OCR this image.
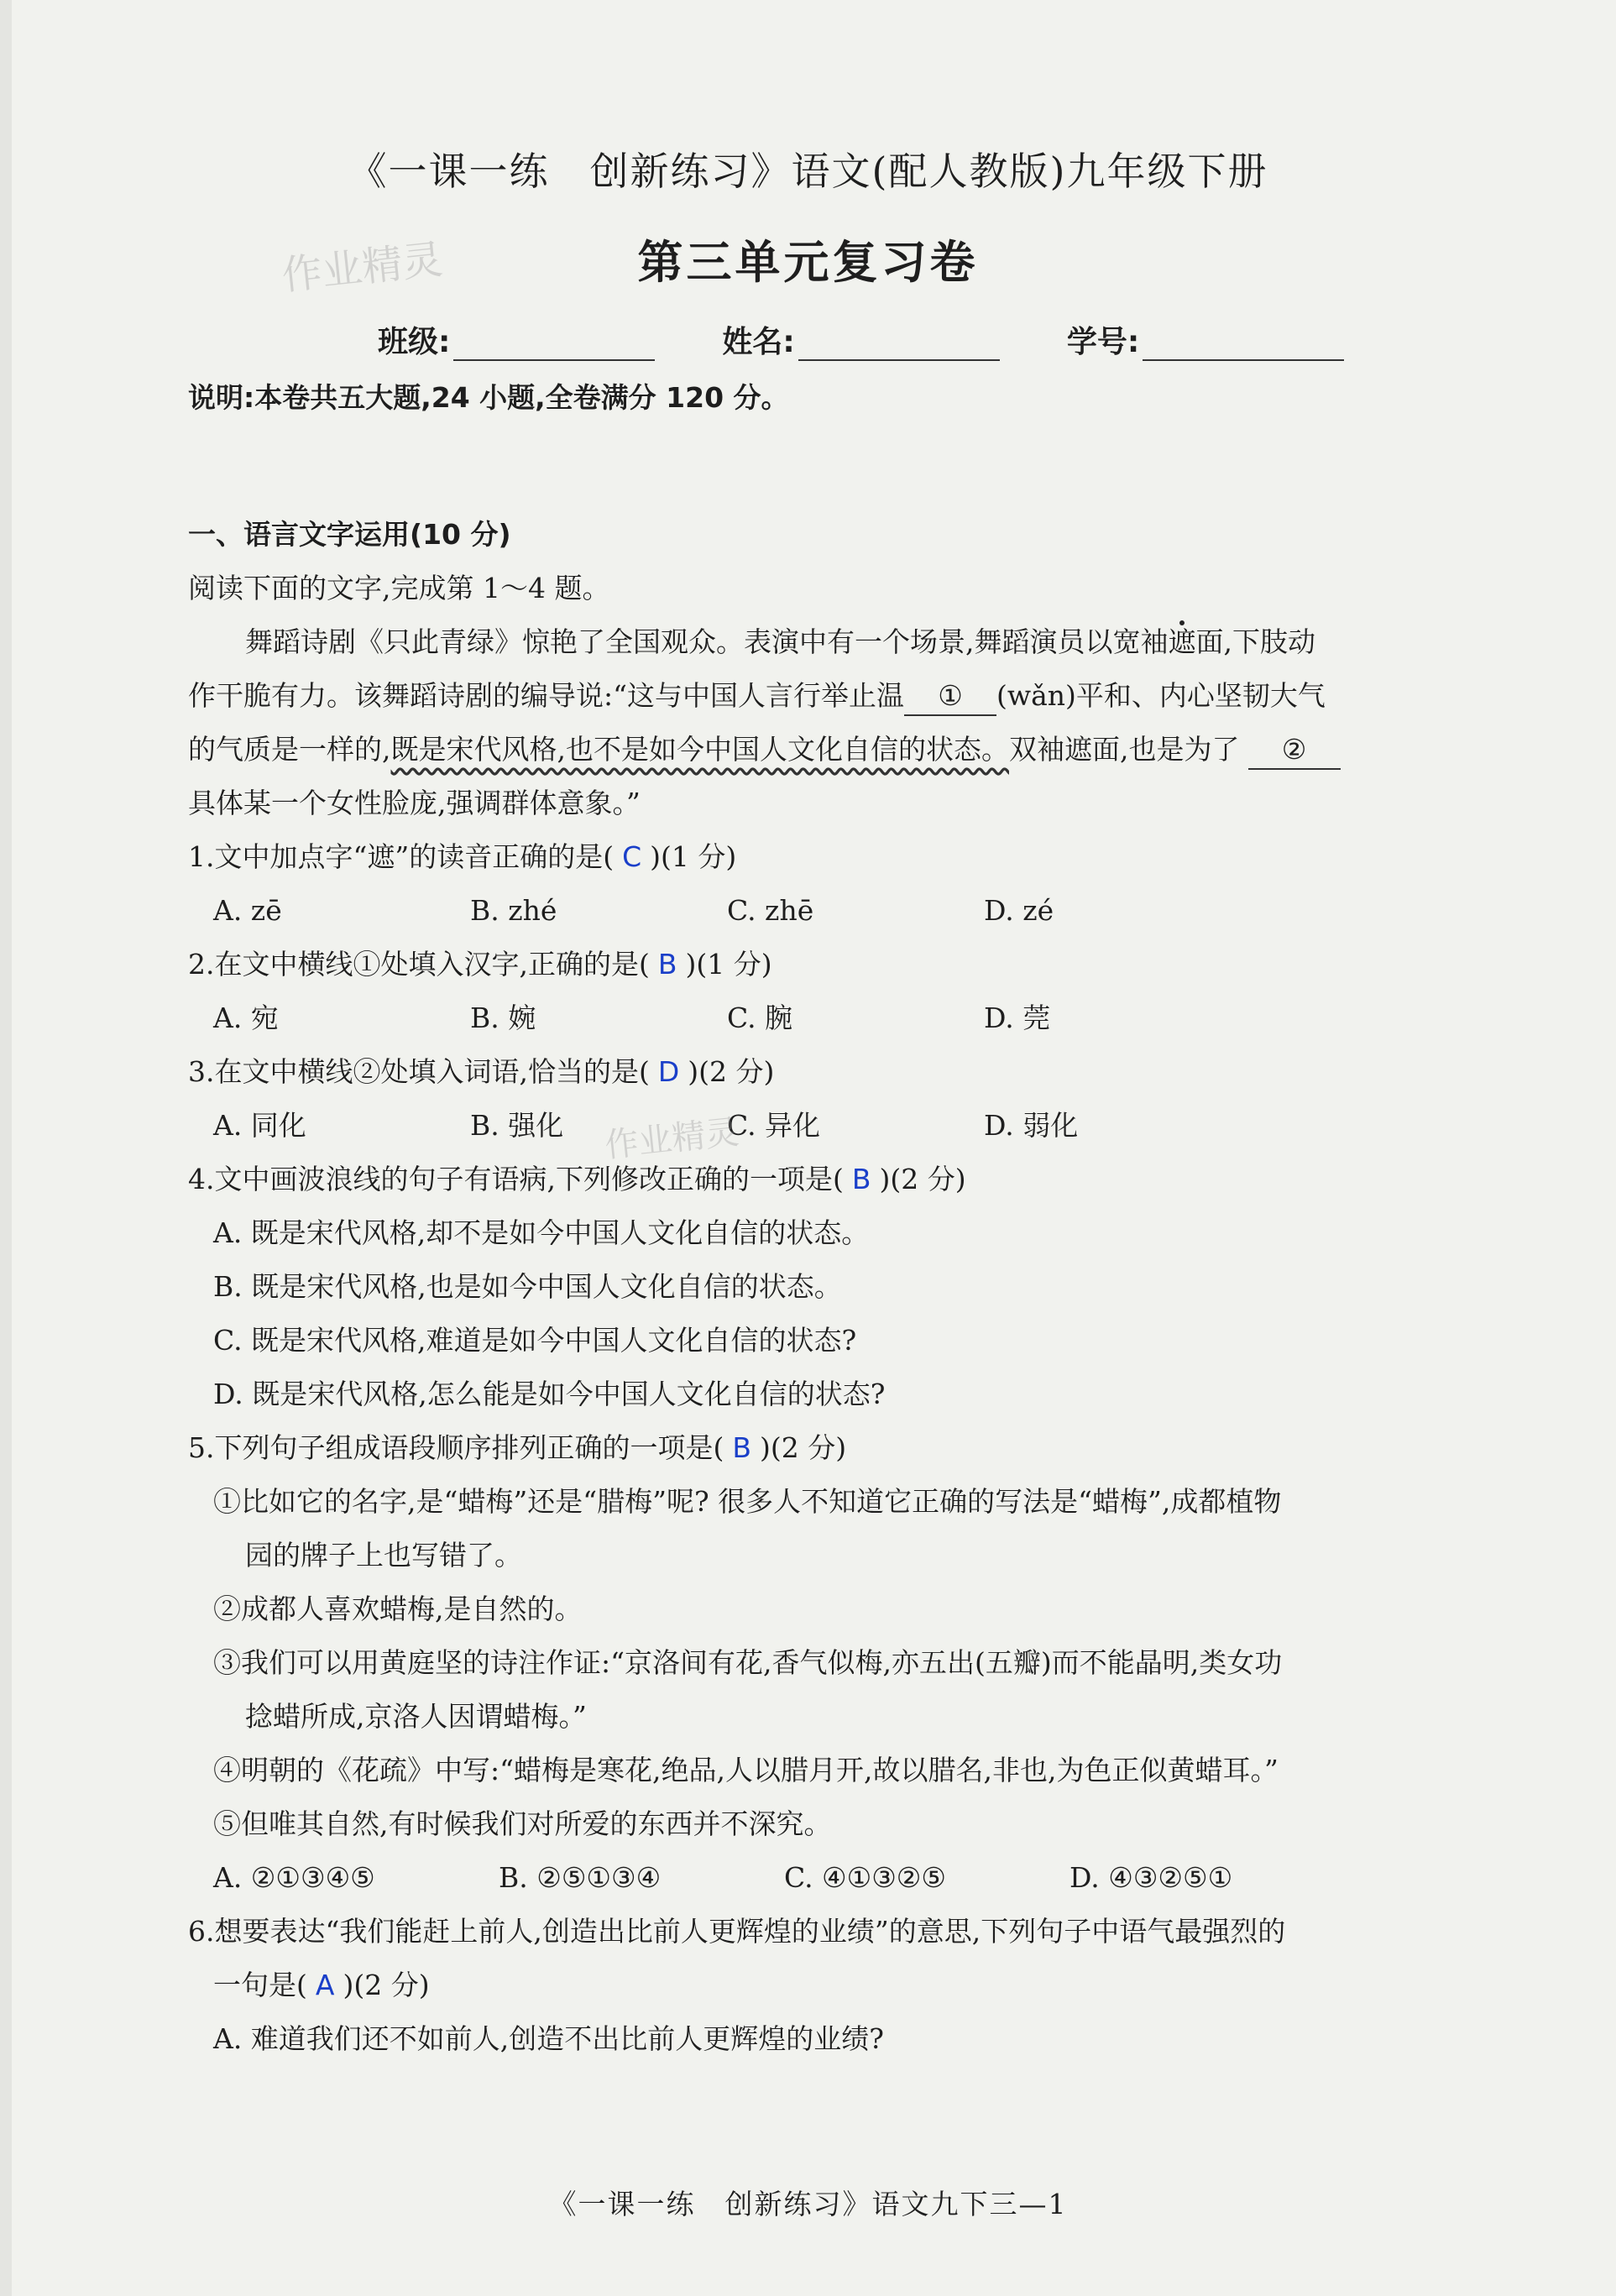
《一课一练　创新练习》语文(配人教版)九年级下册
作业精灵	第三单元复习卷
班级:	姓名:	学号:
说明:本卷共五大题,24 小题,全卷满分 120 分。
一、语言文字运用(10 分)
阅读下面的文字,完成第 1～4 题。
舞蹈诗剧《只此青绿》惊艳了全国观众。表演中有一个场景,舞蹈演员以宽袖遮面,下肢动
作干脆有力。该舞蹈诗剧的编导说:“这与中国人言行举止温 ① (wǎn)平和、内心坚韧大气
的气质是一样的,既是宋代风格,也不是如今中国人文化自信的状态。双袖遮面,也是为了 ②
具体某一个女性脸庞,强调群体意象。”
1.文中加点字“遮”的读音正确的是( C )(1 分)
A. zē	B. zhé	C. zhē	D. zé
2.在文中横线①处填入汉字,正确的是( B )(1 分)
A. 宛	B. 婉	C. 腕	D. 莞
3.在文中横线②处填入词语,恰当的是( D )(2 分)
A. 同化	B. 强化	C. 异化	D. 弱化
4.文中画波浪线的句子有语病,下列修改正确的一项是( B )(2 分)
A. 既是宋代风格,却不是如今中国人文化自信的状态。
B. 既是宋代风格,也是如今中国人文化自信的状态。
C. 既是宋代风格,难道是如今中国人文化自信的状态?
D. 既是宋代风格,怎么能是如今中国人文化自信的状态?
5.下列句子组成语段顺序排列正确的一项是( B )(2 分)
①比如它的名字,是“蜡梅”还是“腊梅”呢? 很多人不知道它正确的写法是“蜡梅”,成都植物
园的牌子上也写错了。
②成都人喜欢蜡梅,是自然的。
③我们可以用黄庭坚的诗注作证:“京洛间有花,香气似梅,亦五出(五瓣)而不能晶明,类女功
捻蜡所成,京洛人因谓蜡梅。”
④明朝的《花疏》中写:“蜡梅是寒花,绝品,人以腊月开,故以腊名,非也,为色正似黄蜡耳。”
⑤但唯其自然,有时候我们对所爱的东西并不深究。
A. ②①③④⑤	B. ②⑤①③④	C. ④①③②⑤	D. ④③②⑤①
6.想要表达“我们能赶上前人,创造出比前人更辉煌的业绩”的意思,下列句子中语气最强烈的
一句是( A )(2 分)
A. 难道我们还不如前人,创造不出比前人更辉煌的业绩?
作业精灵
《一课一练　创新练习》语文九下三—1
